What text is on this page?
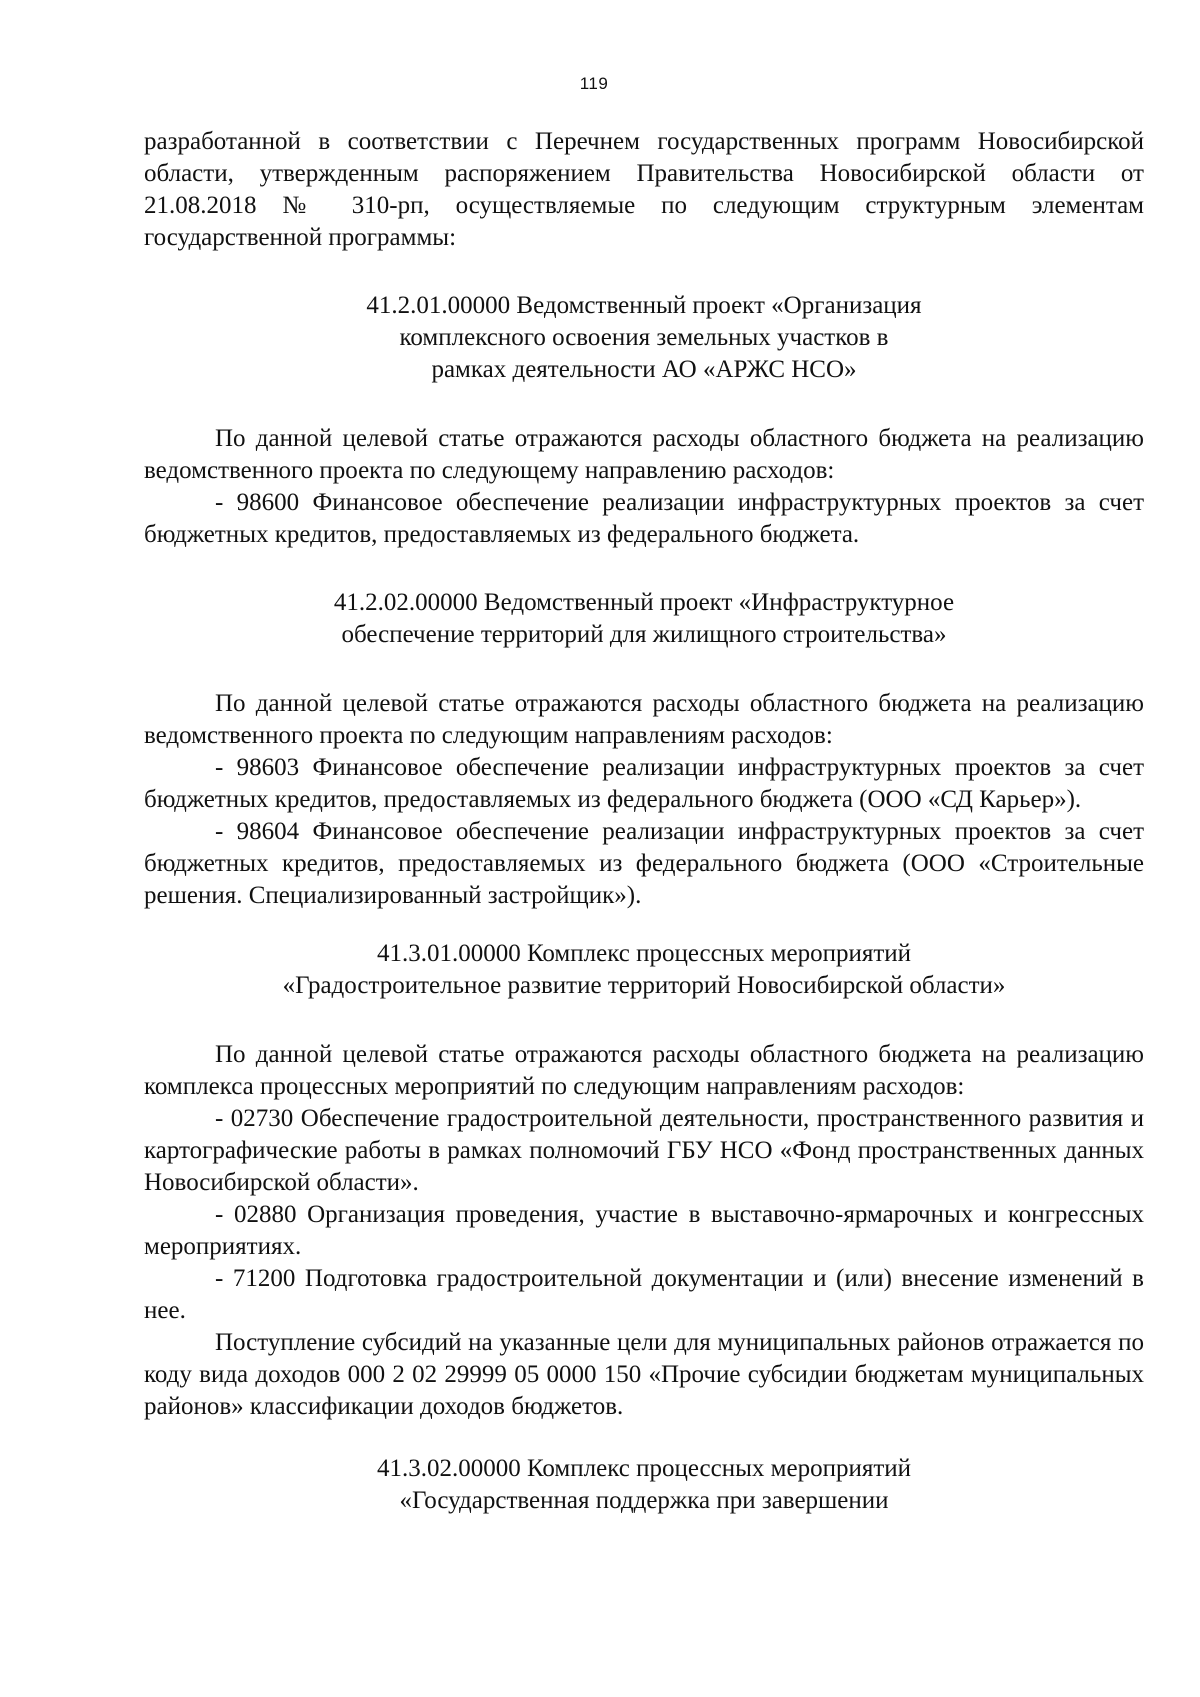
119

разработанной в соответствии с Перечнем государственных программ Новосибирской области, утвержденным распоряжением Правительства Новосибирской области от 21.08.2018 № 310-рп, осуществляемые по следующим структурным элементам государственной программы:

41.2.01.00000 Ведомственный проект «Организация
комплексного освоения земельных участков в
рамках деятельности АО «АРЖС НСО»

По данной целевой статье отражаются расходы областного бюджета на реализацию ведомственного проекта по следующему направлению расходов:

- 98600 Финансовое обеспечение реализации инфраструктурных проектов за счет бюджетных кредитов, предоставляемых из федерального бюджета.

41.2.02.00000 Ведомственный проект «Инфраструктурное
обеспечение территорий для жилищного строительства»

По данной целевой статье отражаются расходы областного бюджета на реализацию ведомственного проекта по следующим направлениям расходов:

- 98603 Финансовое обеспечение реализации инфраструктурных проектов за счет бюджетных кредитов, предоставляемых из федерального бюджета (ООО «СД Карьер»).

- 98604 Финансовое обеспечение реализации инфраструктурных проектов за счет бюджетных кредитов, предоставляемых из федерального бюджета (ООО «Строительные решения. Специализированный застройщик»).

41.3.01.00000 Комплекс процессных мероприятий
«Градостроительное развитие территорий Новосибирской области»

По данной целевой статье отражаются расходы областного бюджета на реализацию комплекса процессных мероприятий по следующим направлениям расходов:

- 02730 Обеспечение градостроительной деятельности, пространственного развития и картографические работы в рамках полномочий ГБУ НСО «Фонд пространственных данных Новосибирской области».

- 02880 Организация проведения, участие в выставочно-ярмарочных и конгрессных мероприятиях.

- 71200 Подготовка градостроительной документации и (или) внесение изменений в нее.

Поступление субсидий на указанные цели для муниципальных районов отражается по коду вида доходов 000 2 02 29999 05 0000 150 «Прочие субсидии бюджетам муниципальных районов» классификации доходов бюджетов.

41.3.02.00000 Комплекс процессных мероприятий
«Государственная поддержка при завершении
